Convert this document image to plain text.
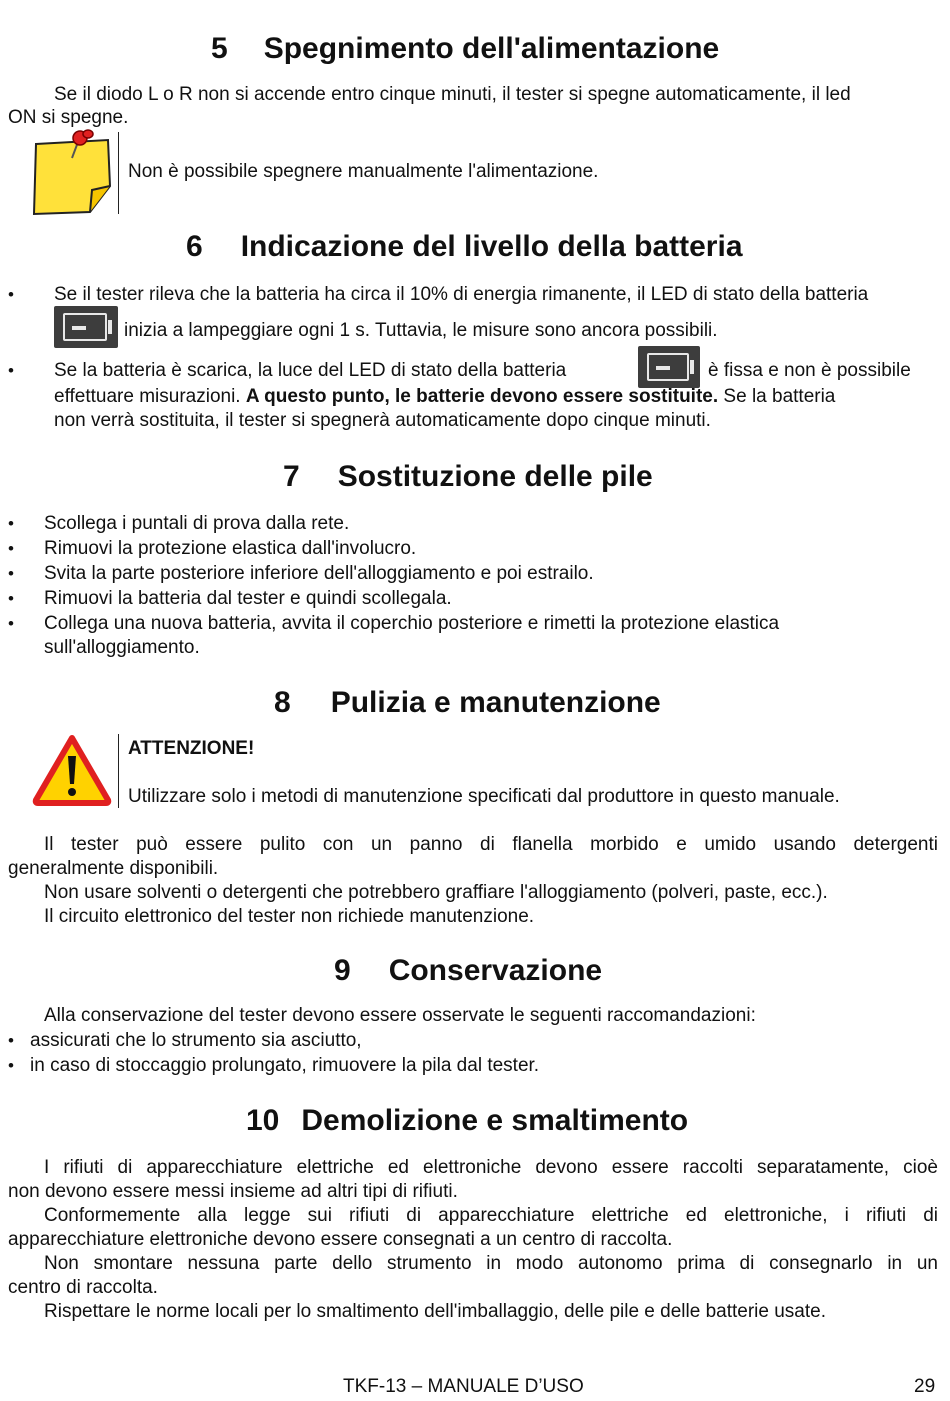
5 Spegnimento dell'alimentazione
Se il diodo L o R non si accende entro cinque minuti, il tester si spegne automaticamente, il led
ON si spegne.
Non è possibile spegnere manualmente l'alimentazione.
6 Indicazione del livello della batteria
• Se il tester rileva che la batteria ha circa il 10% di energia rimanente, il LED di stato della batteria
inizia a lampeggiare ogni 1 s. Tuttavia, le misure sono ancora possibili.
• Se la batteria è scarica, la luce del LED di stato della batteria	è fissa e non è possibile
effettuare misurazioni. A questo punto, le batterie devono essere sostituite. Se la batteria
non verrà sostituita, il tester si spegnerà automaticamente dopo cinque minuti.
7 Sostituzione delle pile
• Scollega i puntali di prova dalla rete.
• Rimuovi la protezione elastica dall'involucro.
• Svita la parte posteriore inferiore dell'alloggiamento e poi estrailo.
• Rimuovi la batteria dal tester e quindi scollegala.
• Collega una nuova batteria, avvita il coperchio posteriore e rimetti la protezione elastica
sull'alloggiamento.
8 Pulizia e manutenzione
ATTENZIONE!
Utilizzare solo i metodi di manutenzione specificati dal produttore in questo manuale.

Il tester può essere pulito con un panno di flanella morbido e umido usando detergenti

generalmente disponibili.

Non usare solventi o detergenti che potrebbero graffiare l'alloggiamento (polveri, paste, ecc.).

Il circuito elettronico del tester non richiede manutenzione.

9 Conservazione
Alla conservazione del tester devono essere osservate le seguenti raccomandazioni:
• assicurati che lo strumento sia asciutto,
• in caso di stoccaggio prolungato, rimuovere la pila dal tester.
10 Demolizione e smaltimento

I rifiuti di apparecchiature elettriche ed elettroniche devono essere raccolti separatamente, cioè

non devono essere messi insieme ad altri tipi di rifiuti.

Conformemente alla legge sui rifiuti di apparecchiature elettriche ed elettroniche, i rifiuti di

apparecchiature elettroniche devono essere consegnati a un centro di raccolta.

Non smontare nessuna parte dello strumento in modo autonomo prima di consegnarlo in un

centro di raccolta.

Rispettare le norme locali per lo smaltimento dell'imballaggio, delle pile e delle batterie usate.

TKF-13 – MANUALE D’USO	29
